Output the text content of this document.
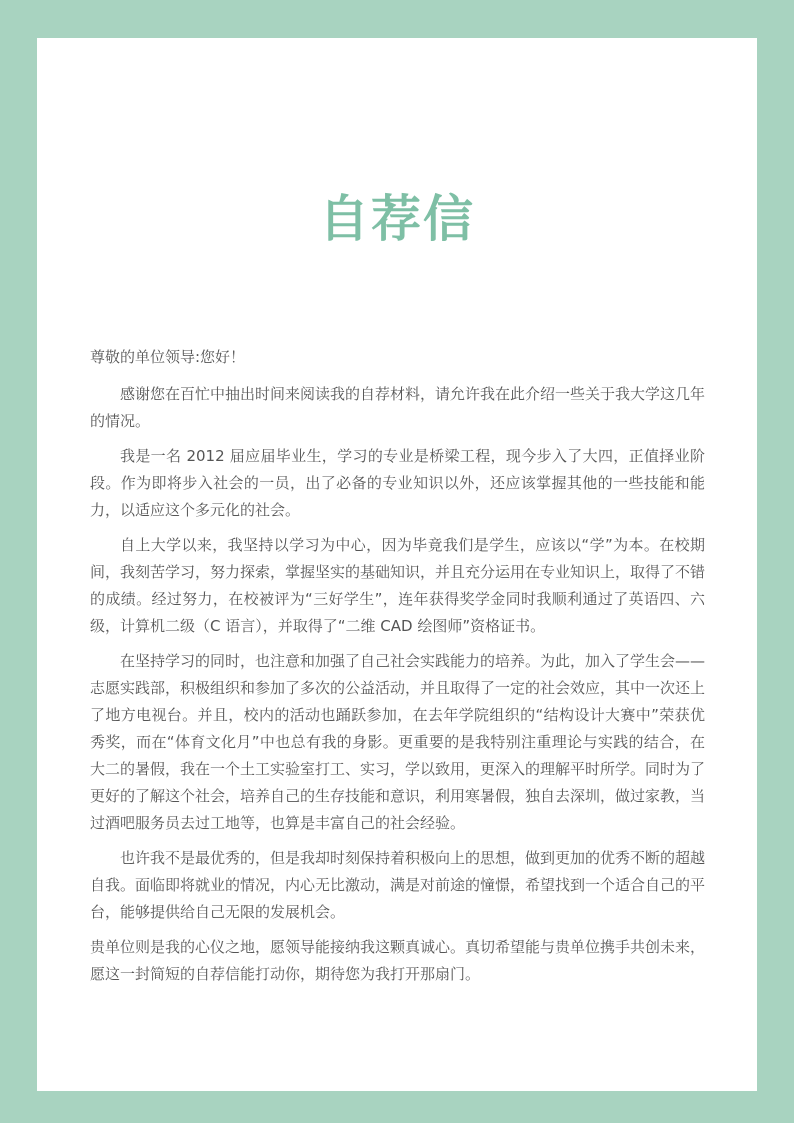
自荐信

尊敬的单位领导:您好！

感谢您在百忙中抽出时间来阅读我的自荐材料，请允许我在此介绍一些关于我大学这几年的情况。

我是一名 2012 届应届毕业生，学习的专业是桥梁工程，现今步入了大四，正值择业阶段。作为即将步入社会的一员，出了必备的专业知识以外，还应该掌握其他的一些技能和能力，以适应这个多元化的社会。

自上大学以来，我坚持以学习为中心，因为毕竟我们是学生，应该以“学”为本。在校期间，我刻苦学习，努力探索，掌握坚实的基础知识，并且充分运用在专业知识上，取得了不错的成绩。经过努力，在校被评为“三好学生”，连年获得奖学金同时我顺利通过了英语四、六级，计算机二级（C 语言），并取得了“二维 CAD 绘图师”资格证书。

在坚持学习的同时，也注意和加强了自己社会实践能力的培养。为此，加入了学生会——志愿实践部，积极组织和参加了多次的公益活动，并且取得了一定的社会效应，其中一次还上了地方电视台。并且，校内的活动也踊跃参加，在去年学院组织的“结构设计大赛中”荣获优秀奖，而在“体育文化月”中也总有我的身影。更重要的是我特别注重理论与实践的结合，在大二的暑假，我在一个土工实验室打工、实习，学以致用，更深入的理解平时所学。同时为了更好的了解这个社会，培养自己的生存技能和意识，利用寒暑假，独自去深圳，做过家教，当过酒吧服务员去过工地等，也算是丰富自己的社会经验。

也许我不是最优秀的，但是我却时刻保持着积极向上的思想，做到更加的优秀不断的超越自我。面临即将就业的情况，内心无比激动，满是对前途的憧憬，希望找到一个适合自己的平台，能够提供给自己无限的发展机会。

贵单位则是我的心仪之地，愿领导能接纳我这颗真诚心。真切希望能与贵单位携手共创未来，愿这一封简短的自荐信能打动你，期待您为我打开那扇门。
